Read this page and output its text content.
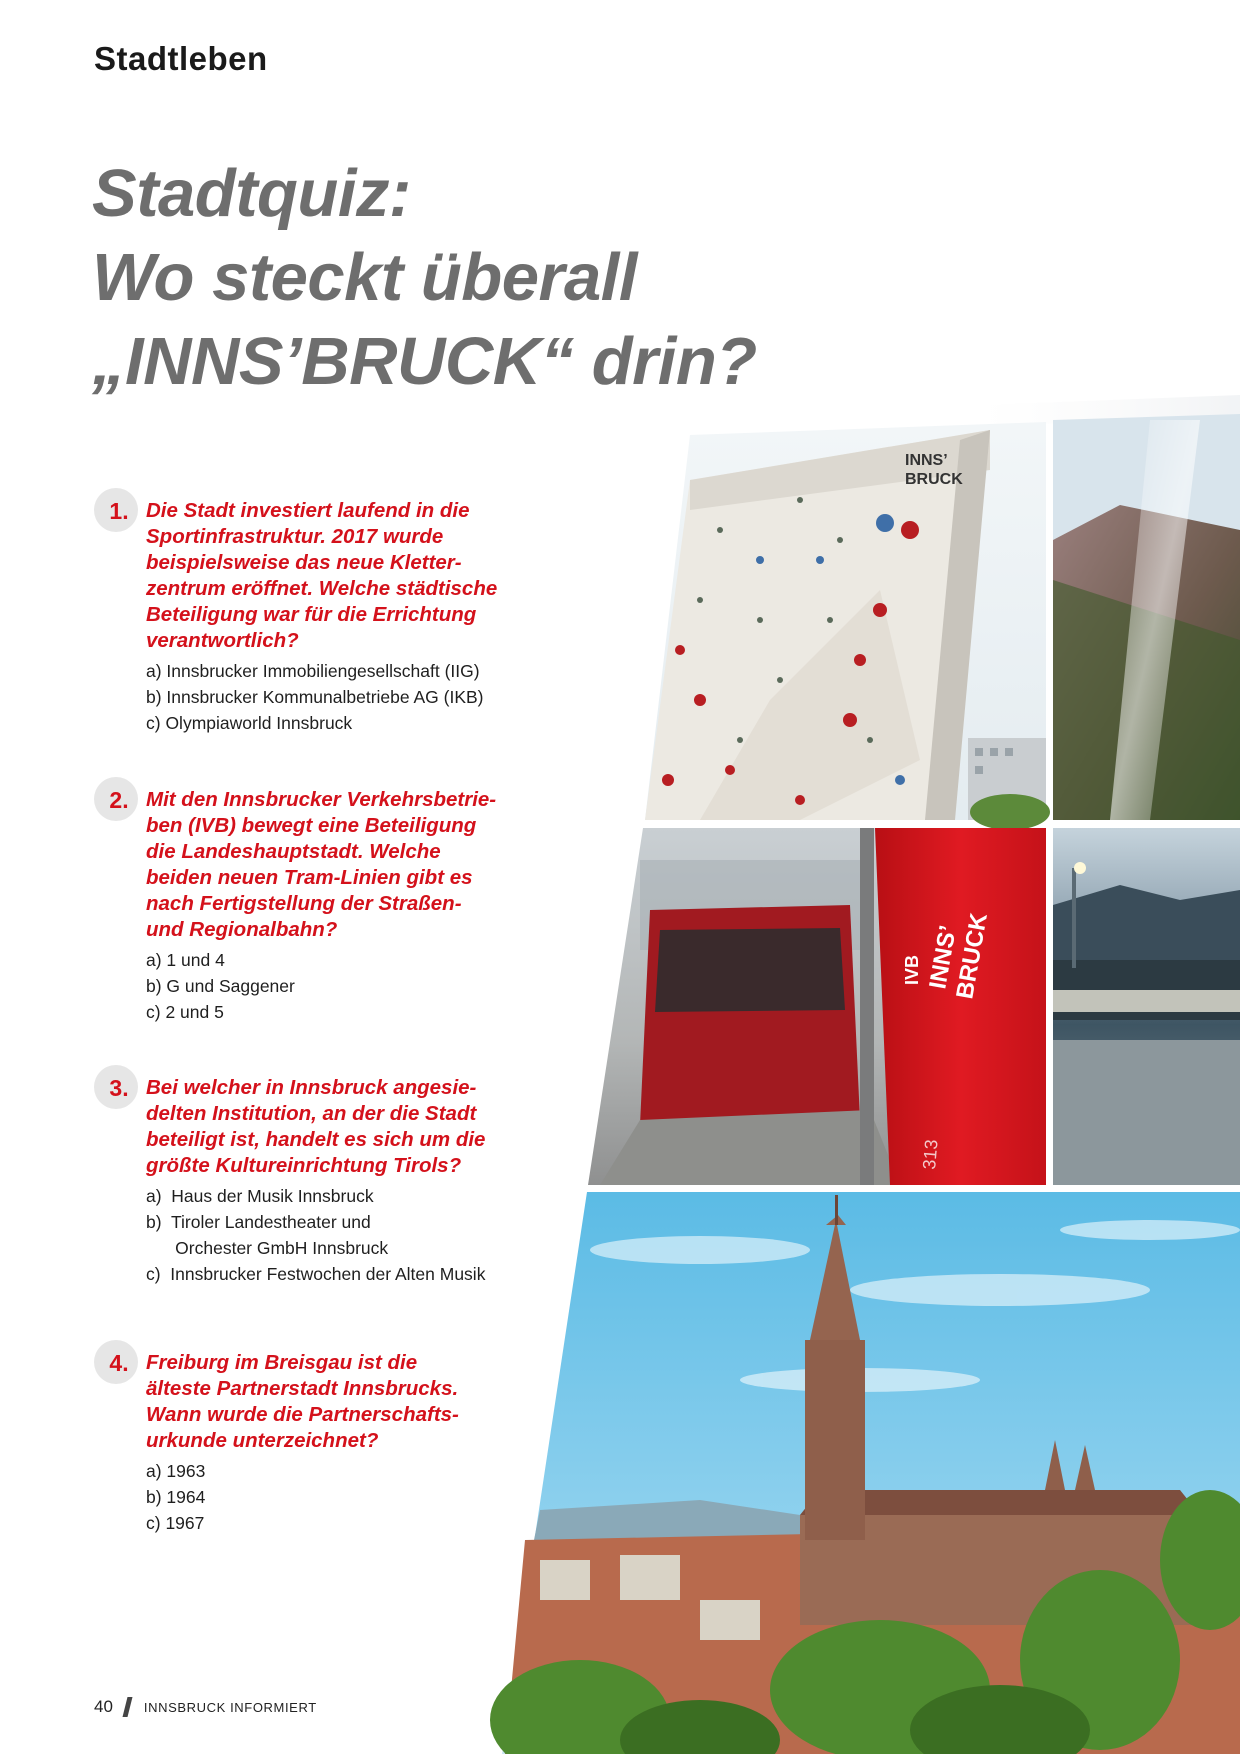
INNS’
BRUCK
IVB INNS’
BRUCK
313
Stadtleben
Stadtquiz:
Wo steckt überall
„INNS’BRUCK“ drin?
1. Die Stadt investiert laufend in die
Sportinfrastruktur. 2017 wurde
beispielsweise das neue Kletter-
zentrum eröffnet. Welche städtische
Beteiligung war für die Errichtung
verantwortlich?
a) Innsbrucker Immobiliengesellschaft (IIG)
b) Innsbrucker Kommunalbetriebe AG (IKB)
c) Olympiaworld Innsbruck
2. Mit den Innsbrucker Verkehrsbetrie-
ben (IVB) bewegt eine Beteiligung
die Landeshauptstadt. Welche
beiden neuen Tram-Linien gibt es
nach Fertigstellung der Straßen-
und Regionalbahn?
a) 1 und 4
b) G und Saggener
c) 2 und 5
3. Bei welcher in Innsbruck angesie-
delten Institution, an der die Stadt
beteiligt ist, handelt es sich um die
größte Kultureinrichtung Tirols?
a)  Haus der Musik Innsbruck
b)  Tiroler Landestheater und
Orchester GmbH Innsbruck
c)  Innsbrucker Festwochen der Alten Musik
4. Freiburg im Breisgau ist die
älteste Partnerstadt Innsbrucks.
Wann wurde die Partnerschafts-
urkunde unterzeichnet?
a) 1963
b) 1964
c) 1967
40 INNSBRUCK INFORMIERT
